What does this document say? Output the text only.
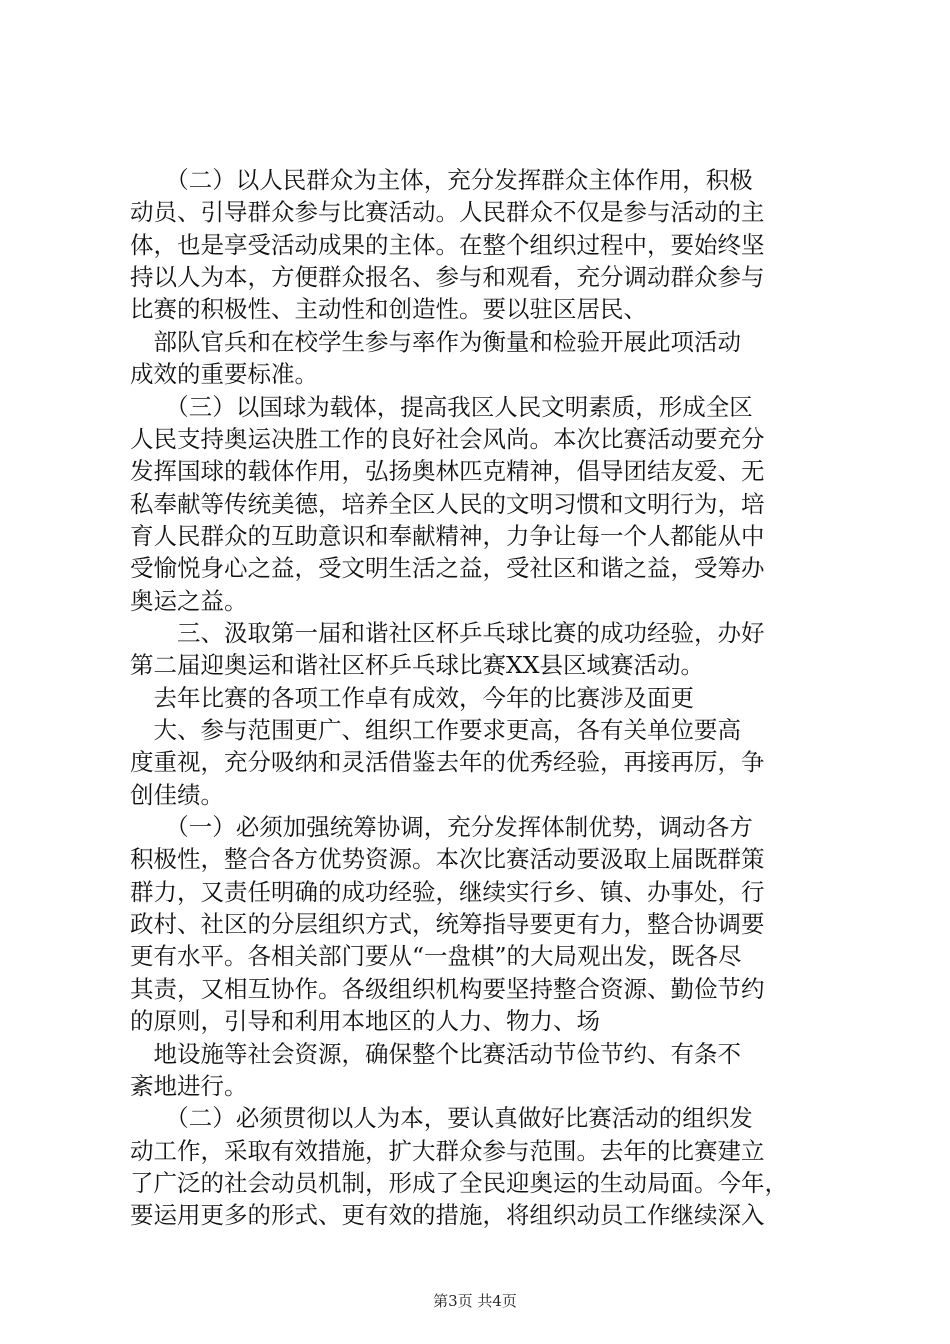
　　（二）以人民群众为主体，充分发挥群众主体作用，积极
动员、引导群众参与比赛活动。人民群众不仅是参与活动的主
体，也是享受活动成果的主体。在整个组织过程中，要始终坚
持以人为本，方便群众报名、参与和观看，充分调动群众参与
比赛的积极性、主动性和创造性。要以驻区居民、
　部队官兵和在校学生参与率作为衡量和检验开展此项活动
成效的重要标准。
　　（三）以国球为载体，提高我区人民文明素质，形成全区
人民支持奥运决胜工作的良好社会风尚。本次比赛活动要充分
发挥国球的载体作用，弘扬奥林匹克精神，倡导团结友爱、无
私奉献等传统美德，培养全区人民的文明习惯和文明行为，培
育人民群众的互助意识和奉献精神，力争让每一个人都能从中
受愉悦身心之益，受文明生活之益，受社区和谐之益，受筹办
奥运之益。
　　三、汲取第一届和谐社区杯乒乓球比赛的成功经验，办好
第二届迎奥运和谐社区杯乒乓球比赛XX县区域赛活动。
　去年比赛的各项工作卓有成效，今年的比赛涉及面更
　大、参与范围更广、组织工作要求更高，各有关单位要高
度重视，充分吸纳和灵活借鉴去年的优秀经验，再接再厉，争
创佳绩。
　　（一）必须加强统筹协调，充分发挥体制优势，调动各方
积极性，整合各方优势资源。本次比赛活动要汲取上届既群策
群力，又责任明确的成功经验，继续实行乡、镇、办事处，行
政村、社区的分层组织方式，统筹指导要更有力，整合协调要
更有水平。各相关部门要从“一盘棋”的大局观出发，既各尽
其责，又相互协作。各级组织机构要坚持整合资源、勤俭节约
的原则，引导和利用本地区的人力、物力、场
　地设施等社会资源，确保整个比赛活动节俭节约、有条不
紊地进行。
　　（二）必须贯彻以人为本，要认真做好比赛活动的组织发
动工作，采取有效措施，扩大群众参与范围。去年的比赛建立
了广泛的社会动员机制，形成了全民迎奥运的生动局面。今年，
要运用更多的形式、更有效的措施，将组织动员工作继续深入
第3页 共4页
